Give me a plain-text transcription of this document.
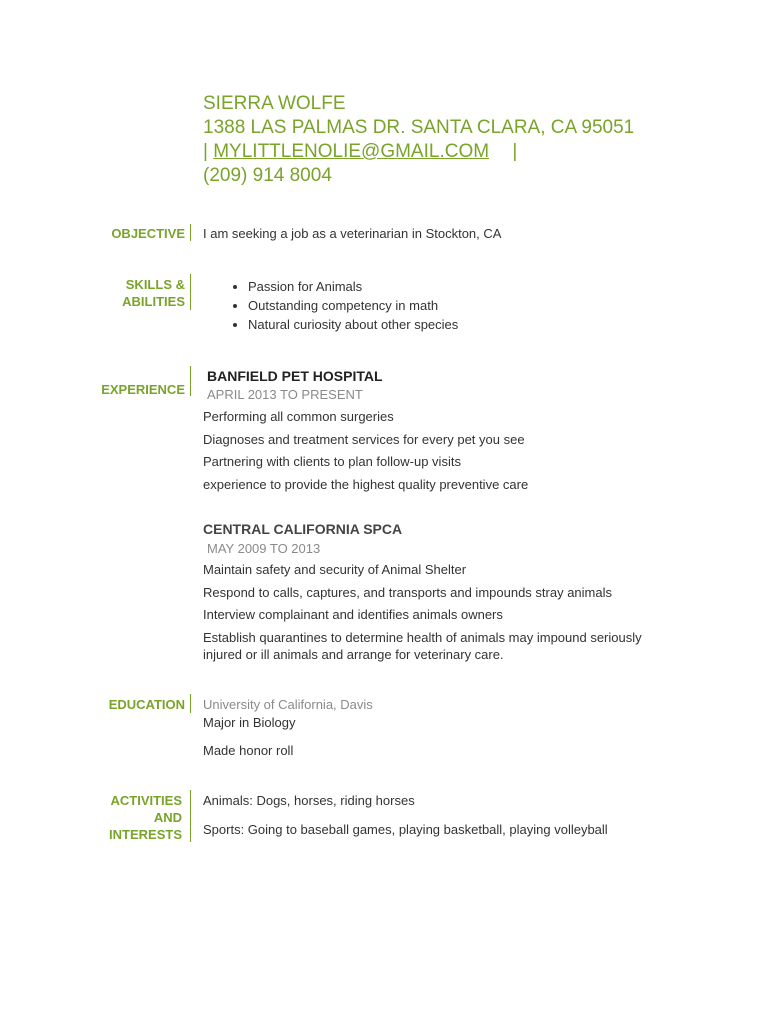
SIERRA WOLFE
1388 LAS PALMAS DR. SANTA CLARA, CA 95051
| MYLITTLENOLIE@GMAIL.COM |
(209) 914 8004
OBJECTIVE I am seeking a job as a veterinarian in Stockton, CA
SKILLS &
ABILITIES
• Passion for Animals
• Outstanding competency in math
• Natural curiosity about other species
EXPERIENCE
BANFIELD PET HOSPITAL
APRIL 2013 TO PRESENT
Performing all common surgeries
Diagnoses and treatment services for every pet you see
Partnering with clients to plan follow-up visits
experience to provide the highest quality preventive care
CENTRAL CALIFORNIA SPCA
MAY 2009 TO 2013
Maintain safety and security of Animal Shelter
Respond to calls, captures, and transports and impounds stray animals
Interview complainant and identifies animals owners
Establish quarantines to determine health of animals may impound seriously injured or ill animals and arrange for veterinary care.
EDUCATION University of California, Davis
Major in Biology
Made honor roll
ACTIVITIES
AND
INTERESTS
Animals: Dogs, horses, riding horses
Sports: Going to baseball games, playing basketball, playing volleyball
